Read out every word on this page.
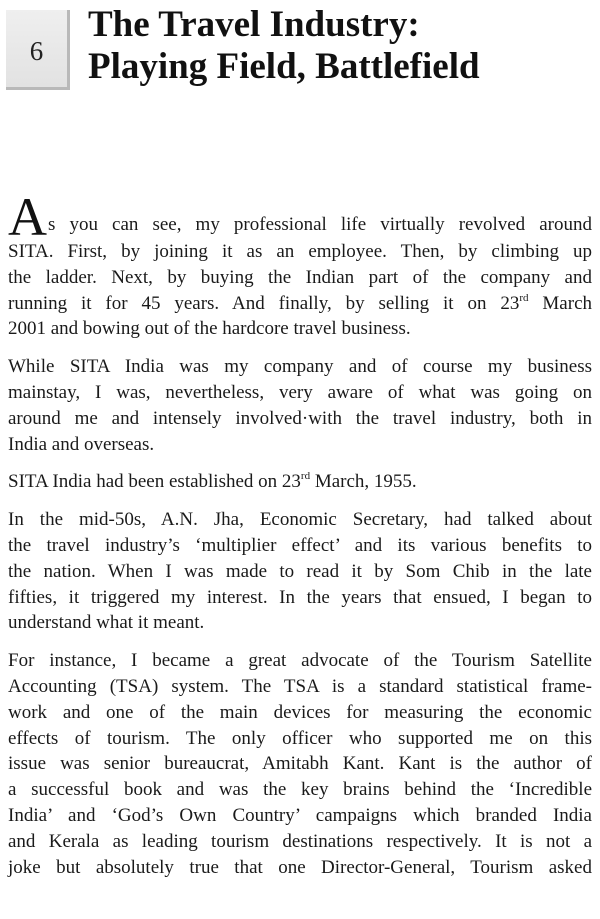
6
The Travel Industry:
Playing Field, Battlefield

A s you can see, my professional life virtually revolved around
SITA. First, by joining it as an employee. Then, by climbing up
the ladder. Next, by buying the Indian part of the company and
running it for 45 years. And finally, by selling it on 23rd March
2001 and bowing out of the hardcore travel business.

While SITA India was my company and of course my business
mainstay, I was, nevertheless, very aware of what was going on
around me and intensely involved·with the travel industry, both in
India and overseas.

SITA India had been established on 23rd March, 1955.

In the mid-50s, A.N. Jha, Economic Secretary, had talked about
the travel industry’s ‘multiplier effect’ and its various benefits to
the nation. When I was made to read it by Som Chib in the late
fifties, it triggered my interest. In the years that ensued, I began to
understand what it meant.

For instance, I became a great advocate of the Tourism Satellite
Accounting (TSA) system. The TSA is a standard statistical frame-
work and one of the main devices for measuring the economic
effects of tourism. The only officer who supported me on this
issue was senior bureaucrat, Amitabh Kant. Kant is the author of
a successful book and was the key brains behind the ‘Incredible
India’ and ‘God’s Own Country’ campaigns which branded India
and Kerala as leading tourism destinations respectively. It is not a
joke but absolutely true that one Director-General, Tourism asked
